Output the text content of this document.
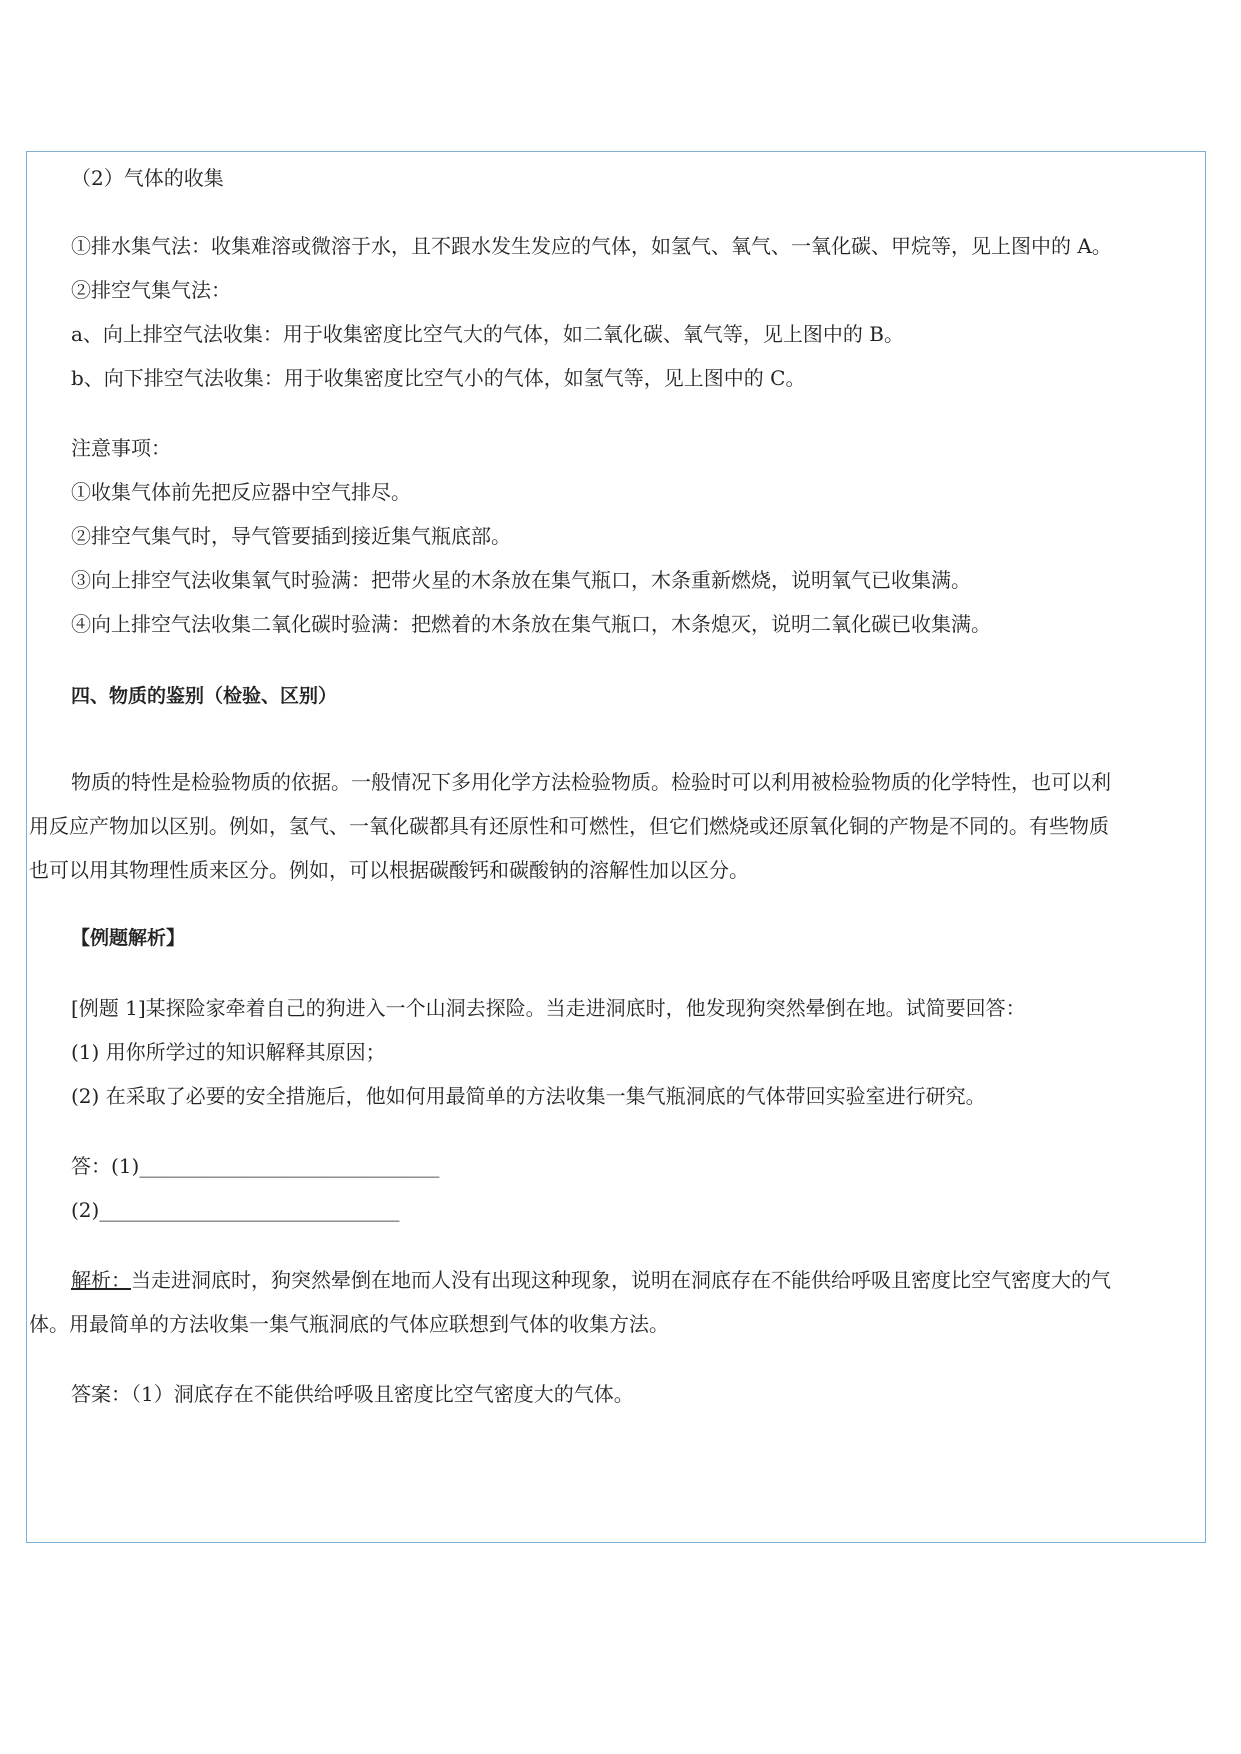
（2）气体的收集
①排水集气法：收集难溶或微溶于水，且不跟水发生发应的气体，如氢气、氧气、一氧化碳、甲烷等，见上图中的 A。
②排空气集气法：
a、向上排空气法收集：用于收集密度比空气大的气体，如二氧化碳、氧气等，见上图中的 B。
b、向下排空气法收集：用于收集密度比空气小的气体，如氢气等，见上图中的 C。
注意事项：
①收集气体前先把反应器中空气排尽。
②排空气集气时，导气管要插到接近集气瓶底部。
③向上排空气法收集氧气时验满：把带火星的木条放在集气瓶口，木条重新燃烧，说明氧气已收集满。
④向上排空气法收集二氧化碳时验满：把燃着的木条放在集气瓶口，木条熄灭，说明二氧化碳已收集满。
四、物质的鉴别（检验、区别）
物质的特性是检验物质的依据。一般情况下多用化学方法检验物质。检验时可以利用被检验物质的化学特性，也可以利
用反应产物加以区别。例如，氢气、一氧化碳都具有还原性和可燃性，但它们燃烧或还原氧化铜的产物是不同的。有些物质
也可以用其物理性质来区分。例如，可以根据碳酸钙和碳酸钠的溶解性加以区分。
【例题解析】
[例题 1]某探险家牵着自己的狗进入一个山洞去探险。当走进洞底时，他发现狗突然晕倒在地。试简要回答：
(1) 用你所学过的知识解释其原因；
(2) 在采取了必要的安全措施后，他如何用最简单的方法收集一集气瓶洞底的气体带回实验室进行研究。
答：(1)______________________________
(2)______________________________
解析：当走进洞底时，狗突然晕倒在地而人没有出现这种现象，说明在洞底存在不能供给呼吸且密度比空气密度大的气
体。用最简单的方法收集一集气瓶洞底的气体应联想到气体的收集方法。
答案：（1）洞底存在不能供给呼吸且密度比空气密度大的气体。
